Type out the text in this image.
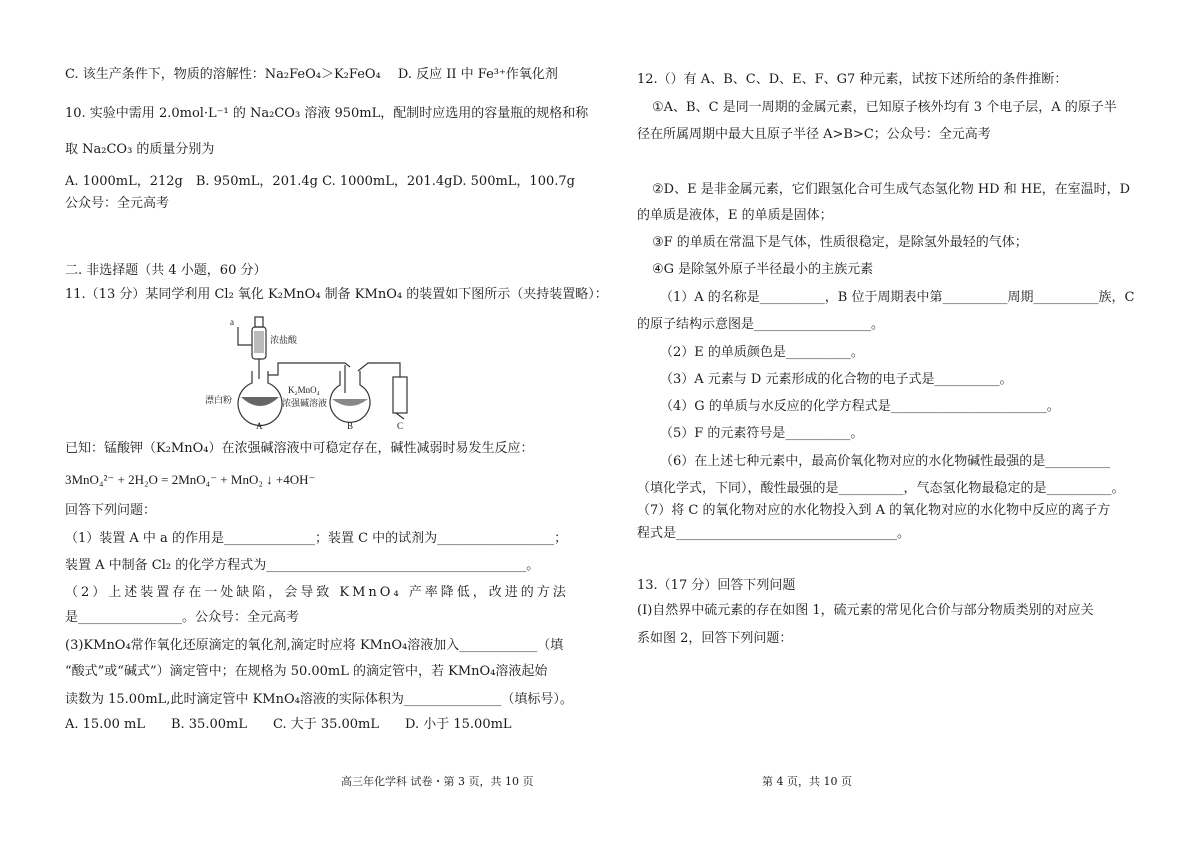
C. 该生产条件下，物质的溶解性：Na₂FeO₄＞K₂FeO₄　 D. 反应 II 中 Fe³⁺作氧化剂
10. 实验中需用 2.0mol·L⁻¹ 的 Na₂CO₃ 溶液 950mL，配制时应选用的容量瓶的规格和称
取 Na₂CO₃ 的质量分别为
A. 1000mL，212g　B. 950mL，201.4g C. 1000mL，201.4gD. 500mL，100.7g
公众号：全元高考
二. 非选择题（共 4 小题，60 分）
11.（13 分）某同学利用 Cl₂ 氧化 K₂MnO₄ 制备 KMnO₄ 的装置如下图所示（夹持装置略）：
a
浓盐酸
漂白粉
K₂MnO₄
浓强碱溶液
A	B	C
已知：锰酸钾（K₂MnO₄）在浓强碱溶液中可稳定存在，碱性减弱时易发生反应：
3MnO₄²⁻ + 2H₂O = 2MnO₄⁻ + MnO₂ ↓ +4OH⁻
回答下列问题：
（1）装置 A 中 a 的作用是______________；装置 C 中的试剂为__________________；
装置 A 中制备 Cl₂ 的化学方程式为________________________________________。
（2）上述装置存在一处缺陷，会导致 KMnO₄ 产率降低，改进的方法
是________________。公众号：全元高考
(3)KMnO₄常作氧化还原滴定的氧化剂,滴定时应将 KMnO₄溶液加入____________（填
“酸式”或“碱式”）滴定管中；在规格为 50.00mL 的滴定管中，若 KMnO₄溶液起始
读数为 15.00mL,此时滴定管中 KMnO₄溶液的实际体积为_______________（填标号）。
A. 15.00 mL　　B. 35.00mL　　C. 大于 35.00mL　　D. 小于 15.00mL
高三年化学科 试卷・第 3 页，共 10 页
12.（）有 A、B、C、D、E、F、G7 种元素，试按下述所给的条件推断：
①A、B、C 是同一周期的金属元素，已知原子核外均有 3 个电子层，A 的原子半
径在所属周期中最大且原子半径 A>B>C；公众号：全元高考
②D、E 是非金属元素，它们跟氢化合可生成气态氢化物 HD 和 HE，在室温时，D
的单质是液体，E 的单质是固体；
③F 的单质在常温下是气体，性质很稳定，是除氢外最轻的气体；
④G 是除氢外原子半径最小的主族元素
（1）A 的名称是__________，B 位于周期表中第__________周期__________族，C
的原子结构示意图是__________________。
（2）E 的单质颜色是__________。
（3）A 元素与 D 元素形成的化合物的电子式是__________。
（4）G 的单质与水反应的化学方程式是________________________。
（5）F 的元素符号是__________。
（6）在上述七种元素中，最高价氧化物对应的水化物碱性最强的是__________
（填化学式，下同），酸性最强的是__________，气态氢化物最稳定的是__________。
（7）将 C 的氧化物对应的水化物投入到 A 的氧化物对应的水化物中反应的离子方
程式是__________________________________。
13.（17 分）回答下列问题
(Ⅰ)自然界中硫元素的存在如图 1，硫元素的常见化合价与部分物质类别的对应关
系如图 2，回答下列问题：
第 4 页，共 10 页
